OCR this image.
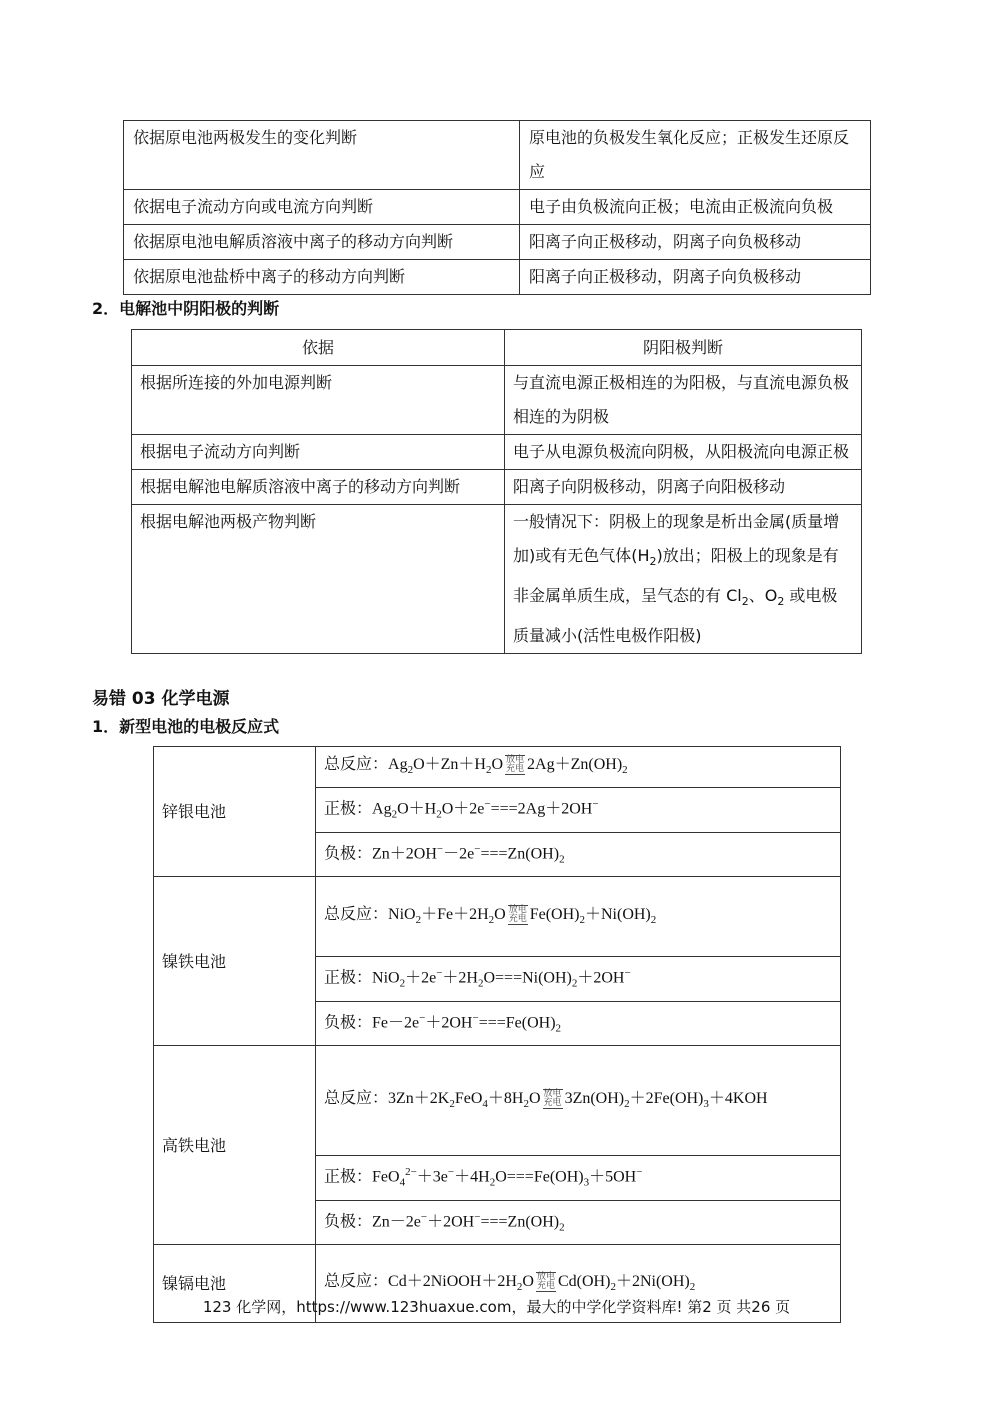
依据原电池两极发生的变化判断	原电池的负极发生氧化反应；正极发生还原反应
依据电子流动方向或电流方向判断	电子由负极流向正极；电流由正极流向负极
依据原电池电解质溶液中离子的移动方向判断	阳离子向正极移动，阴离子向负极移动
依据原电池盐桥中离子的移动方向判断	阳离子向正极移动，阴离子向负极移动
2．电解池中阴阳极的判断
依据	阴阳极判断
根据所连接的外加电源判断	与直流电源正极相连的为阳极，与直流电源负极相连的为阴极
根据电子流动方向判断	电子从电源负极流向阴极，从阳极流向电源正极
根据电解池电解质溶液中离子的移动方向判断	阳离子向阴极移动，阴离子向阳极移动
根据电解池两极产物判断	一般情况下：阴极上的现象是析出金属(质量增加)或有无色气体$(H_2)$放出；阳极上的现象是有非金属单质生成，呈气态的有 $Cl_2$、$O_2$ 或电极质量减小(活性电极作阳极)
易错 03 化学电源
1．新型电池的电极反应式
锌银电池	总反应：$Ag_2O+Zn+H_2O$ 放电
充电 $2Ag+Zn(OH)_2$
	正极：$Ag_2O+H_2O+2e^-===2Ag+2OH^-$
	负极：$Zn+2OH^--2e^-===Zn(OH)_2$
镍铁电池	总反应：$NiO_2+Fe+2H_2O$ 放电
充电 $Fe(OH)_2+Ni(OH)_2$
	正极：$NiO_2+2e^-+2H_2O===Ni(OH)_2+2OH^-$
	负极：$Fe-2e^-+2OH^-===Fe(OH)_2$
高铁电池	总反应：$3Zn+2K_2FeO_4+8H_2O$ 放电
充电 $3Zn(OH)_2+2Fe(OH)_3+4KOH$
	正极：$FeO_4^{2-}+3e^-+4H_2O===Fe(OH)_3+5OH^-$
	负极：$Zn-2e^-+2OH^-===Zn(OH)_2$
镍镉电池	总反应：$Cd+2NiOOH+2H_2O$ 放电
充电 $Cd(OH)_2+2Ni(OH)_2$
123 化学网，https://www.123huaxue.com，最大的中学化学资料库! 第2 页 共26 页
